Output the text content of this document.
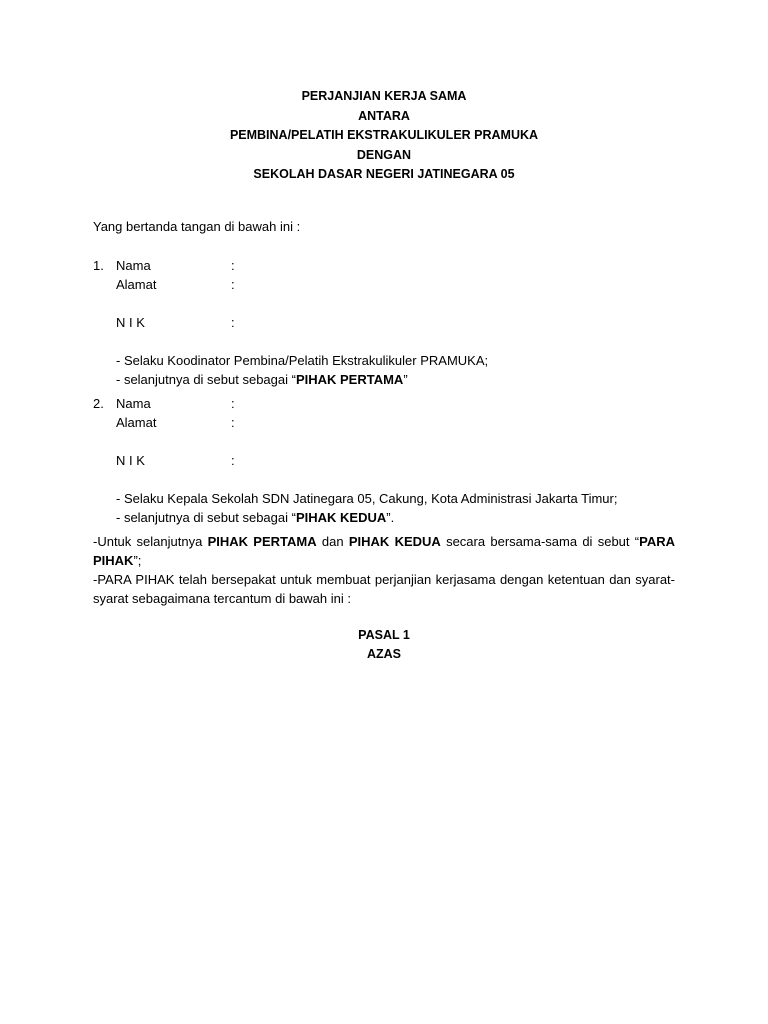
PERJANJIAN KERJA SAMA
ANTARA
PEMBINA/PELATIH EKSTRAKULIKULER PRAMUKA
DENGAN
SEKOLAH DASAR NEGERI JATINEGARA 05
Yang bertanda tangan di bawah ini :
1. Nama	:
Alamat	:
N I K	:
- Selaku Koodinator Pembina/Pelatih Ekstrakulikuler PRAMUKA;
- selanjutnya di sebut sebagai “PIHAK PERTAMA”
2. Nama	:
Alamat	:
N I K	:
- Selaku Kepala Sekolah SDN Jatinegara 05, Cakung, Kota Administrasi Jakarta Timur;
- selanjutnya di sebut sebagai “PIHAK KEDUA”.

-Untuk selanjutnya PIHAK PERTAMA dan PIHAK KEDUA secara bersama-sama di sebut “PARA PIHAK”;

-PARA PIHAK telah bersepakat untuk membuat perjanjian kerjasama dengan ketentuan dan syarat-syarat sebagaimana tercantum di bawah ini :

PASAL 1
AZAS
